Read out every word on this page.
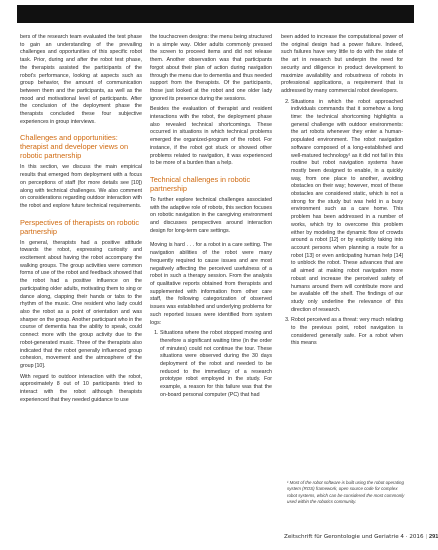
bers of the research team evaluated the test phase to gain an understanding of the prevailing challenges and opportunities of this specific robot task. Prior, during and after the robot test phase, the therapists assisted the participants of the robot's performance, looking at aspects such as group behavior, the amount of communication between them and the participants, as well as the mood and motivational level of participants. After the conclusion of the deployment phase the therapists concluded these four subjective experiences in group interviews.

Challenges and opportunities: therapist and developer views on robotic partnership

In this section, we discuss the main empirical results that emerged from deployment with a focus on perceptions of staff (for more details see [10]) along with technical challenges. We also comment on considerations regarding outdoor interaction with the robot and explore future technical requirements.

Perspectives of therapists on robotic partnership

In general, therapists had a positive attitude towards the robot, expressing curiosity and excitement about having the robot accompany the walking groups. The group activities were common forms of use of the robot and feedback showed that the robot had a positive influence on the participating older adults, motivating them to sing or dance along, clapping their hands or tabs to the rhythm of the music. One resident who lady could also the robot as a point of orientation and was sharper on the group. Another participant who in the course of dementia has the ability to speak, could connect more with the group activity due to the robot-generated music. Three of the therapists also indicated that the robot generally influenced group cohesion, movement and the atmosphere of the group [10].

With regard to outdoor interaction with the robot, approximately 8 out of 10 participants tried to interact with the robot although therapists experienced that they needed guidance to use

the touchscreen designs: the menu being structured in a simple way. Older adults commonly pressed the screen to proceed items and did not release them. Another observation was that participants forgot about their plan of action during navigation through the menu due to dementia and thus needed support from the therapists. Of the participants, those just looked at the robot and one older lady ignored its presence during the sessions.

Besides the evaluation of therapist and resident interactions with the robot, the deployment phase also revealed technical shortcomings. These occurred in situations in which technical problems emerged the organized-program of the robot. For instance, if the robot got stuck or showed other problems related to navigation, it was experienced to be more of a burden than a help.

Technical challenges in robotic partnership

To further explore technical challenges associated with the adaptive role of robots, this section focuses on robotic navigation in the caregiving environment and discusses perspectives around interaction design for long-term care settings.

Moving is hard . . . for a robot in a care setting. The navigation abilities of the robot were many frequently required to cause issues and are most negatively affecting the perceived usefulness of a robot in such a therapy session. From the analysis of qualitative reports obtained from therapists and supplemented with information from other care staff, the following categorization of observed issues was established and underlying problems for such reported issues were identified from system logs:

1. Situations where the robot stopped moving and therefore a significant waiting time (in the order of minutes) could not continue the tour. These situations were observed during the 30 days deployment of the robot and needed to be reduced to the immediacy of a research prototype robot employed in the study. For example, a reason for this failure was that the on-board personal computer (PC) that had

been added to increase the computational power of the original design had a power failure. Indeed, such failures have very little to do with the state of the art in research but underpin the need for security and diligence in product development to maximize availability and robustness of robots in professional applications, a requirement that is addressed by many commercial robot developers.

2. Situations in which the robot approached individuals commands that it somehow a long time: the technical shortcoming highlights a general challenge with outdoor environments: the art robots whenever they enter a human-populated environment. The robot navigation software composed of a long-established and well-matured technology¹ as it did not fail in this routine but robot navigation systems have mostly been designed to enable, in a quickly way, from one place to another, avoiding obstacles on their way; however, most of these obstacles are considered static, which is not a strong for the study but was held in a busy environment such as a care home. This problem has been addressed in a number of works, which try to overcome this problem either by modeling the dynamic flow of crowds around a robot [12] or by explicitly taking into account persons when planning a route for a robot [13] or even anticipating human help [14] to unblock the robot. These advances that are all aimed at making robot navigation more robust and increase the perceived safety of humans around them will contribute more and be available off the shelf. The findings of our study only underline the relevance of this direction of research.
3. Robot perceived as a threat: very much relating to the previous point, robot navigation is considered generally safe. For a robot when this means
¹ Most of the robot software is built using the robot operating system (ROS) framework, open source code for complex robot systems, which can be considered the most commonly used within the robotics community.
Zeitschrift für Gerontologie und Geriatrie 4 · 2016 | 291
